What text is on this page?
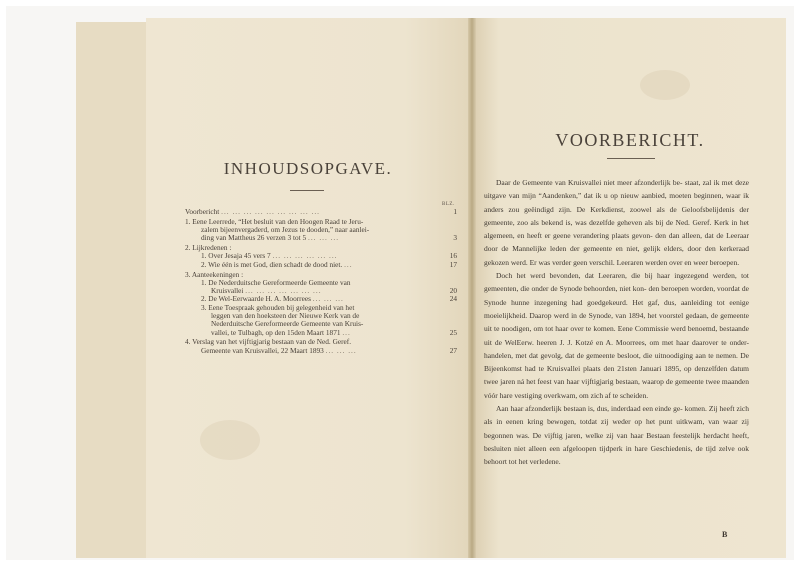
INHOUDSOPGAVE.
BLZ.
Voorbericht ... ... ... ... ... ... ... ... ...	1
1. Eene Leerrede, “Het besluit van den Hoogen Raad te Jeru-
zalem bijeenvergaderd, om Jezus te dooden,” naar aanlei-
ding van Mattheus 26 verzen 3 tot 5 ... ... ...	3
2. Lijkredenen :
1. Over Jesaja 45 vers 7 ... ... ... ... ... ...	16
2. Wie één is met God, dien schadt de dood niet. ...	17
3. Aanteekeningen :
1. De Nederduitsche Gereformeerde Gemeente van
Kruisvallei ... ... ... ... ... ... ...	20
2. De Wel-Eerwaarde H. A. Moorrees ... ... ...	24
3. Eene Toespraak gehouden bij gelegenheid van het
leggen van den hoeksteen der Nieuwe Kerk van de
Nederduitsche Gereformeerde Gemeente van Kruis-
vallei, te Tulbagh, op den 15den Maart 1871 ...	25
4. Verslag van het vijftigjarig bestaan van de Ned. Geref.
Gemeente van Kruisvallei, 22 Maart 1893 ... ... ...	27
VOORBERICHT.

Daar de Gemeente van Kruisvallei niet meer afzonderlijk be- staat, zal ik met deze uitgave van mijn “Aandenken,” dat ik u op nieuw aanbied, moeten beginnen, waar ik anders zou geëindigd zijn. De Kerkdienst, zoowel als de Geloofsbelijdenis der gemeente, zoo als bekend is, was dezelfde geheven als bij de Ned. Geref. Kerk in het algemeen, en heeft er geene verandering plaats gevon- den dan alleen, dat de Leeraar door de Mannelijke leden der gemeente en niet, gelijk elders, door den kerkeraad gekozen werd. Er was verder geen verschil. Leeraren werden over en weer beroepen.

Doch het werd bevonden, dat Leeraren, die bij haar ingezegend werden, tot gemeenten, die onder de Synode behoorden, niet kon- den beroepen worden, voordat de Synode hunne inzegening had goedgekeurd. Het gaf, dus, aanleiding tot eenige moeielijkheid. Daarop werd in de Synode, van 1894, het voorstel gedaan, de gemeente uit te noodigen, om tot haar over te komen. Eene Commissie werd benoemd, bestaande uit de WelEerw. heeren J. J. Kotzé en A. Moorrees, om met haar daarover te onder- handelen, met dat gevolg, dat de gemeente besloot, die uitnoodiging aan te nemen. De Bijeenkomst had te Kruisvallei plaats den 21sten Januari 1895, op denzelfden datum twee jaren ná het feest van haar vijftigjarig bestaan, waarop de gemeente twee maanden vóór hare vestiging overkwam, om zich af te scheiden.

Aan haar afzonderlijk bestaan is, dus, inderdaad een einde ge- komen. Zij heeft zich als in eenen kring bewogen, totdat zij weder op het punt uitkwam, van waar zij begonnen was. De vijftig jaren, welke zij van haar Bestaan feestelijk herdacht heeft, besluiten niet alleen een afgeloopen tijdperk in hare Geschiedenis, de tijd zelve ook behoort tot het verledene.

B
